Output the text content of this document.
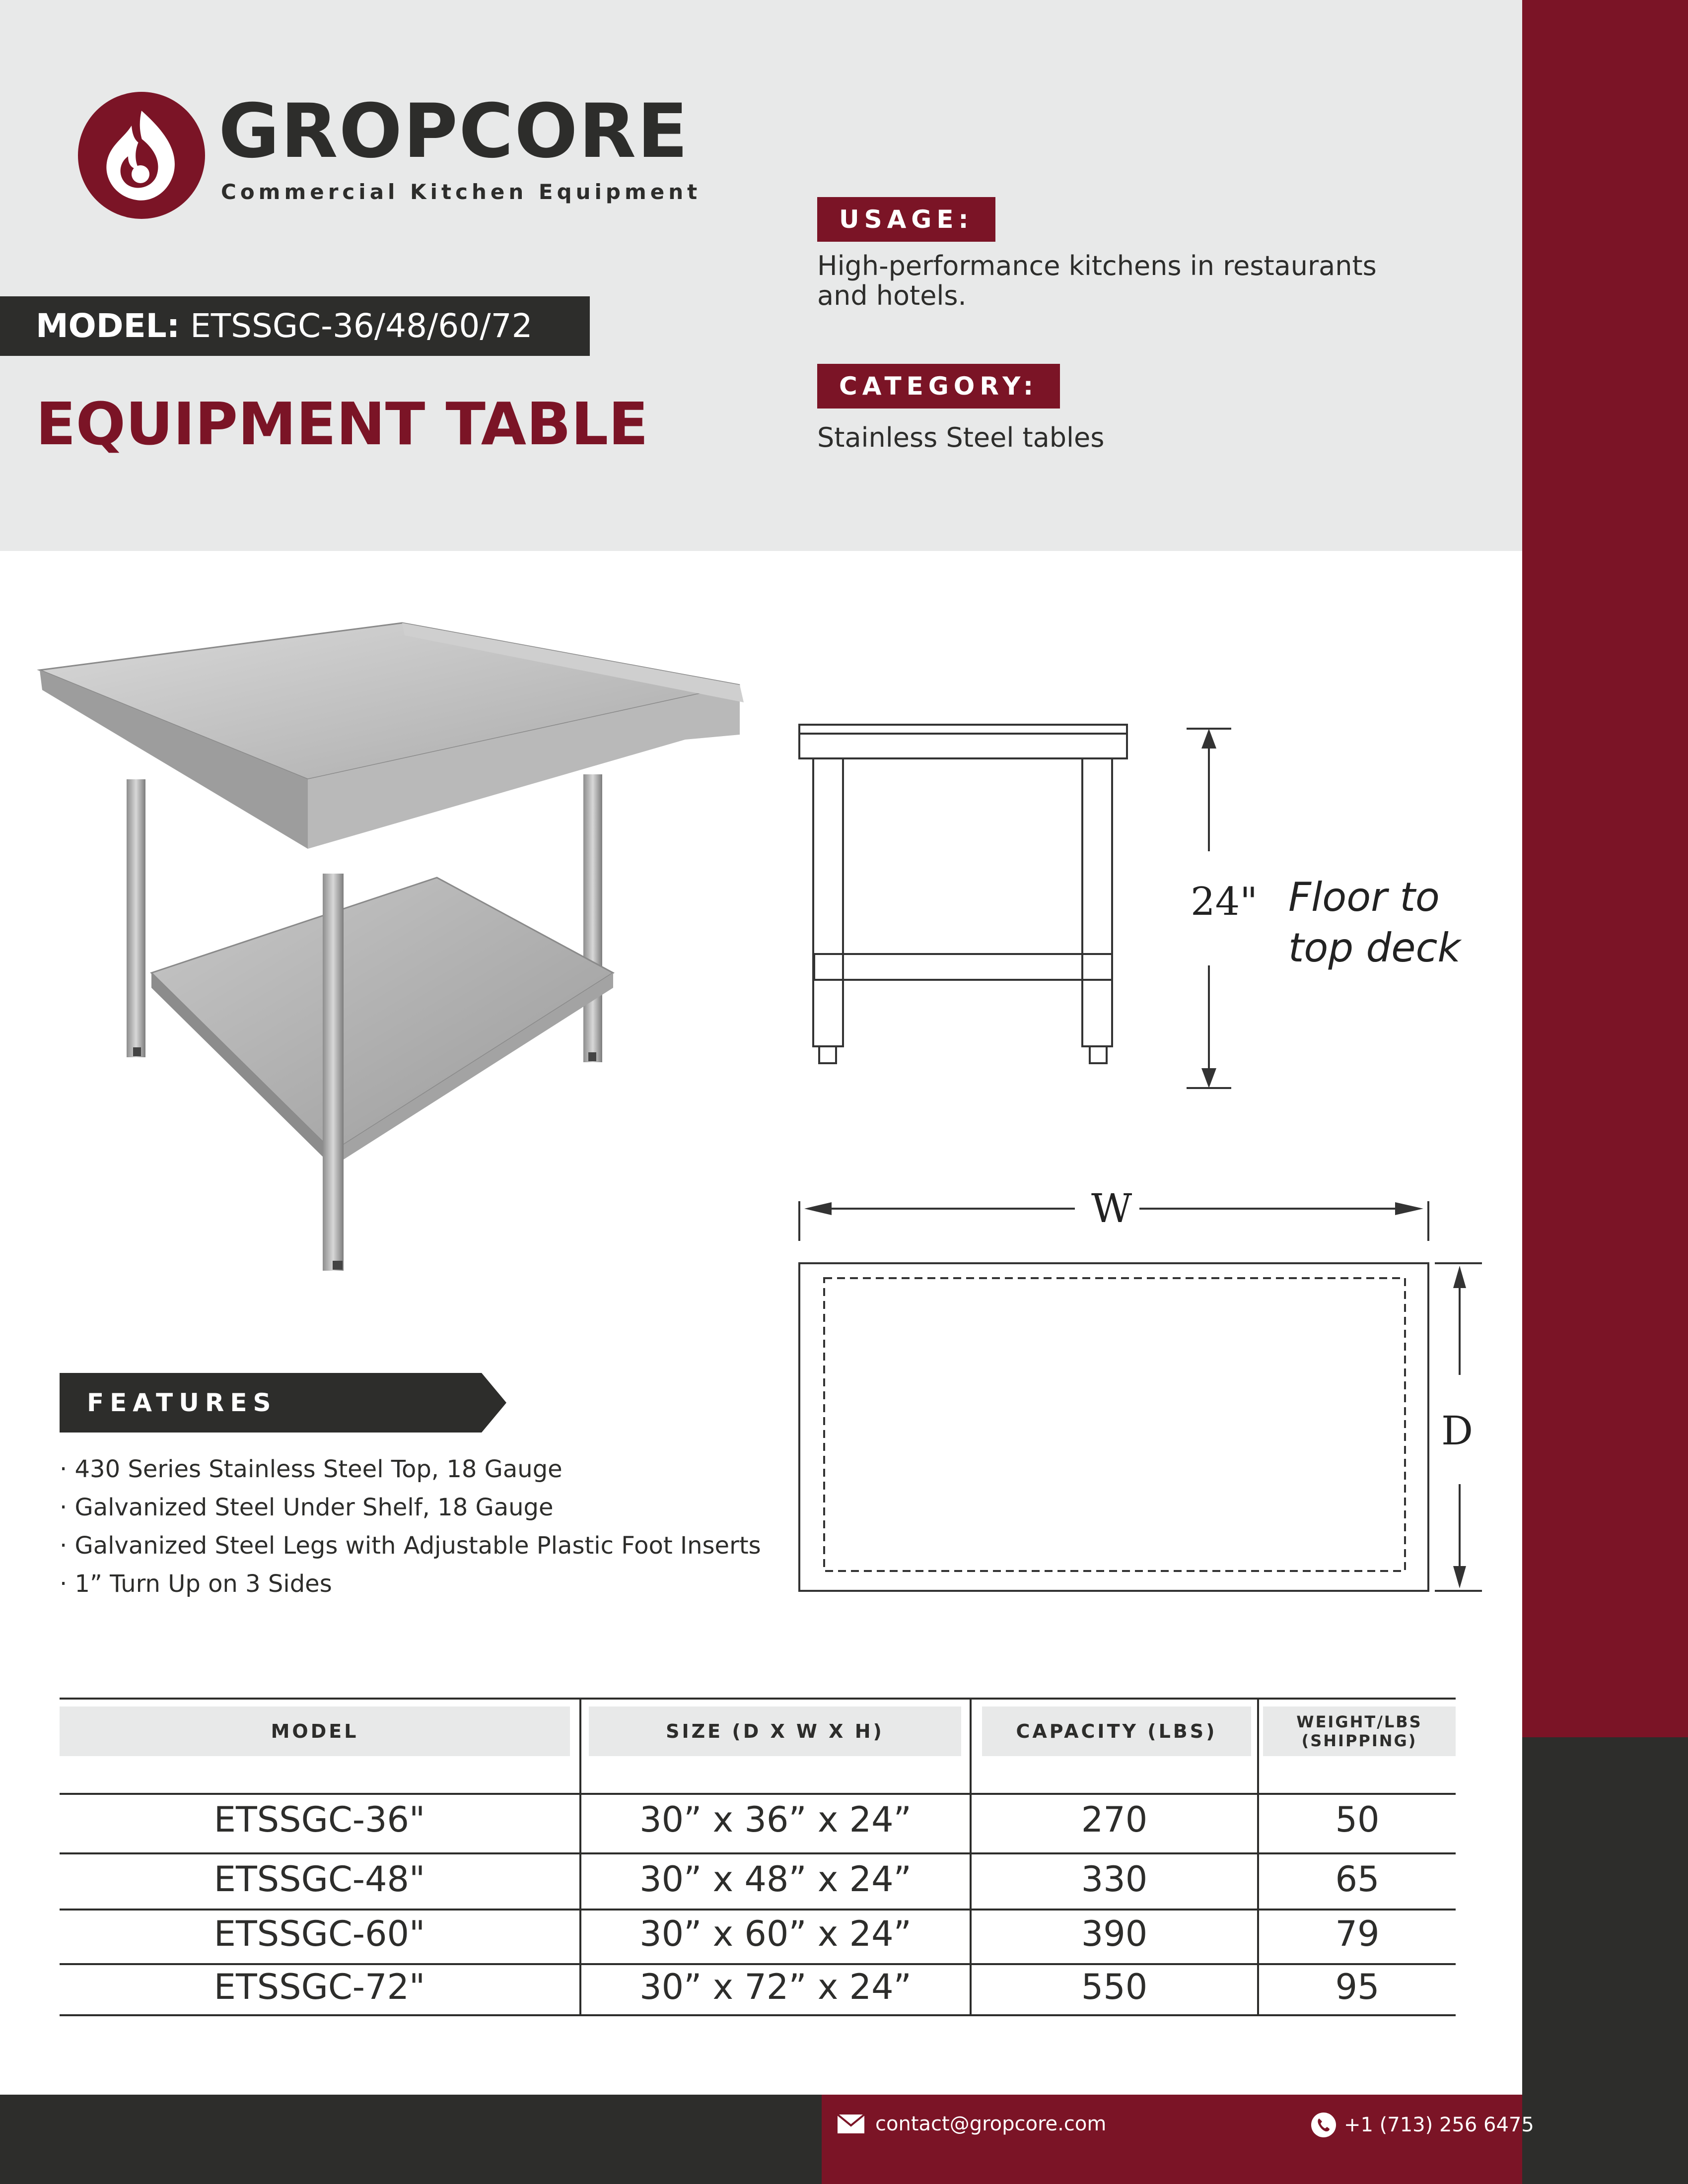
GROPCORE
Commercial Kitchen Equipment
MODEL: ETSSGC-36/48/60/72
EQUIPMENT TABLE
USAGE:
High-performance kitchens in restaurants and hotels.
CATEGORY:
Stainless Steel tables
24" Floor to
top deck
W
D
FEATURES
· 430 Series Stainless Steel Top, 18 Gauge
· Galvanized Steel Under Shelf, 18 Gauge
· Galvanized Steel Legs with Adjustable Plastic Foot Inserts
· 1” Turn Up on 3 Sides
MODEL	SIZE (D X W X H)	CAPACITY (LBS)	WEIGHT/LBS
(SHIPPING)
ETSSGC-36"	30” x 36” x 24”	270	50
ETSSGC-48"	30” x 48” x 24”	330	65
ETSSGC-60"	30” x 60” x 24”	390	79
ETSSGC-72"	30” x 72” x 24”	550	95
contact@gropcore.com	+1 (713) 256 6475
